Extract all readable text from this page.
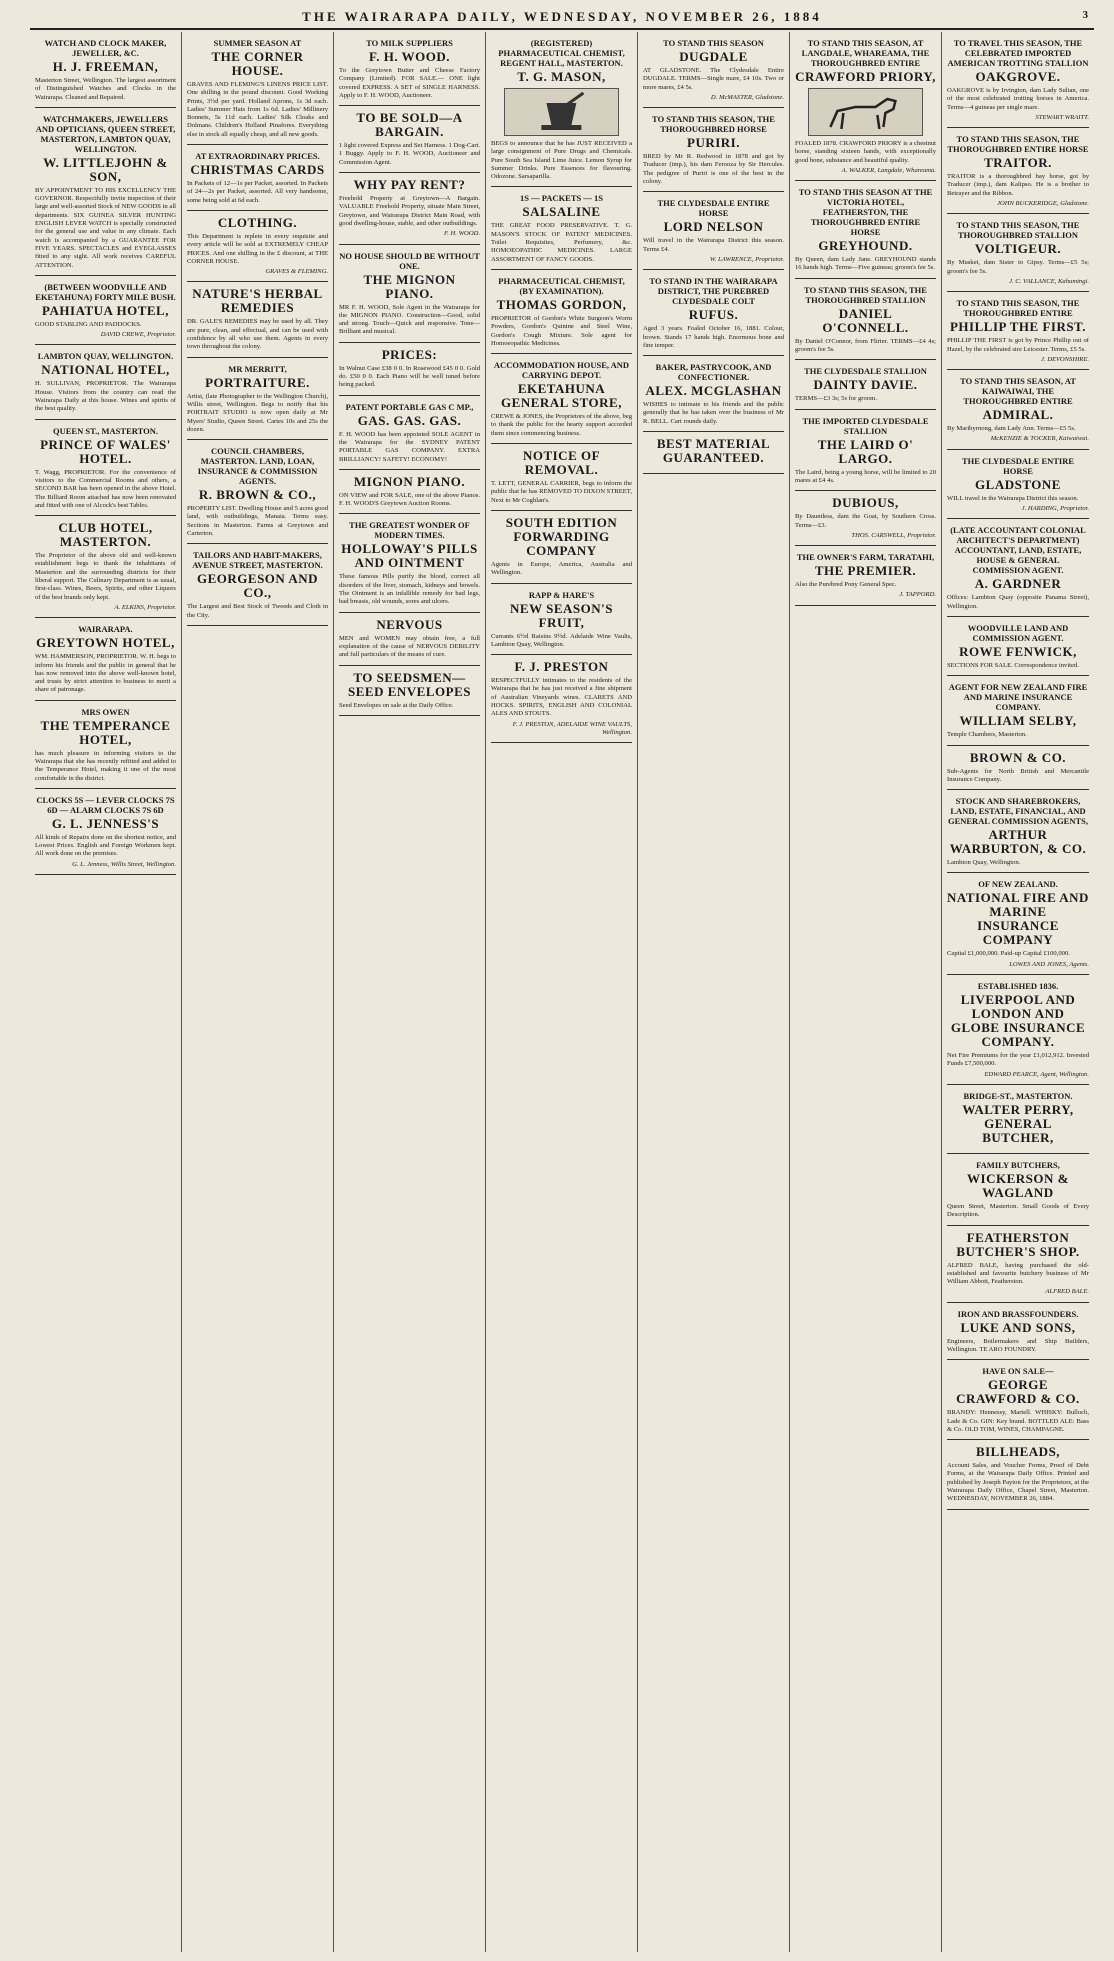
THE WAIRARAPA DAILY, WEDNESDAY, NOVEMBER 26, 1884	3
WATCH AND CLOCK MAKER, JEWELLER, &C.
H. J. FREEMAN,

Masterton Street, Wellington. The largest assortment of Distinguished Watches and Clocks in the Wairarapa. Cleaned and Repaired.

WATCHMAKERS, JEWELLERS AND OPTICIANS, QUEEN STREET, MASTERTON, LAMBTON QUAY, WELLINGTON.
W. LITTLEJOHN & SON,

BY APPOINTMENT TO HIS EXCELLENCY THE GOVERNOR. Respectfully invite inspection of their large and well-assorted Stock of NEW GOODS in all departments. SIX GUINEA SILVER HUNTING ENGLISH LEVER WATCH is specially constructed for the general use and value in any climate. Each watch is accompanied by a GUARANTEE FOR FIVE YEARS. SPECTACLES and EYEGLASSES fitted to any sight. All work receives CAREFUL ATTENTION.

(BETWEEN WOODVILLE AND EKETAHUNA) FORTY MILE BUSH.
PAHIATUA HOTEL,

GOOD STABLING AND PADDOCKS.

DAVID CREWE, Proprietor.
LAMBTON QUAY, WELLINGTON.
NATIONAL HOTEL,

H. SULLIVAN, PROPRIETOR. The Wairarapa House. Visitors from the country can read the Wairarapa Daily at this house. Wines and spirits of the best quality.

QUEEN ST., MASTERTON.
PRINCE OF WALES' HOTEL.

T. Wagg, PROPRIETOR. For the convenience of visitors to the Commercial Rooms and others, a SECOND BAR has been opened in the above Hotel. The Billiard Room attached has now been renovated and fitted with one of Alcock's best Tables.

CLUB HOTEL, MASTERTON.

The Proprietor of the above old and well-known establishment begs to thank the inhabitants of Masterton and the surrounding districts for their liberal support. The Culinary Department is as usual, first-class. Wines, Beers, Spirits, and other Liquors of the best brands only kept.

A. ELKINS, Proprietor.
WAIRARAPA.
GREYTOWN HOTEL,

WM. HAMMERSON, PROPRIETOR. W. H. begs to inform his friends and the public in general that he has now removed into the above well-known hotel, and trusts by strict attention to business to merit a share of patronage.

MRS OWEN
THE TEMPERANCE HOTEL,

has much pleasure in informing visitors to the Wairarapa that she has recently refitted and added to the Temperance Hotel, making it one of the most comfortable in the district.

CLOCKS 5S — LEVER CLOCKS 7S 6D — ALARM CLOCKS 7S 6D
G. L. JENNESS'S

All kinds of Repairs done on the shortest notice, and Lowest Prices. English and Foreign Workmen kept. All work done on the premises.

G. L. Jenness, Willis Street, Wellington.
SUMMER SEASON AT
THE CORNER HOUSE.

GRAVES AND FLEMING'S LINENS PRICE LIST. One shilling in the pound discount. Good Working Prints, 3½d per yard. Holland Aprons, 1s 3d each. Ladies' Summer Hats from 1s 6d. Ladies' Millinery Bonnets, 5s 11d each. Ladies' Silk Cloaks and Dolmans. Children's Holland Pinafores. Everything else in stock all equally cheap, and all new goods.

AT EXTRAORDINARY PRICES.
CHRISTMAS CARDS

In Packets of 12—1s per Packet, assorted. In Packets of 24—2s per Packet, assorted. All very handsome, some being sold at 6d each.

CLOTHING.

This Department is replete in every requisite and every article will be sold at EXTREMELY CHEAP PRICES. And one shilling in the £ discount, at THE CORNER HOUSE.

GRAVES & FLEMING.
NATURE'S HERBAL REMEDIES

DR. GALE'S REMEDIES may be used by all. They are pure, clean, and effectual, and can be used with confidence by all who use them. Agents in every town throughout the colony.

MR MERRITT,
PORTRAITURE.

Artist, (late Photographer to the Wellington Church), Willis street, Wellington. Begs to notify that his PORTRAIT STUDIO is now open daily at Mr Myers' Studio, Queen Street. Cartes 10s and 25s the dozen.

COUNCIL CHAMBERS, MASTERTON. LAND, LOAN, INSURANCE & COMMISSION AGENTS.
R. BROWN & CO.,

PROPERTY LIST. Dwelling House and 5 acres good land, with outbuildings, Manaia. Terms easy. Sections in Masterton. Farms at Greytown and Carterton.

TAILORS AND HABIT-MAKERS, AVENUE STREET, MASTERTON.
GEORGESON AND CO.,

The Largest and Best Stock of Tweeds and Cloth in the City.

TO MILK SUPPLIERS
F. H. WOOD.

To the Greytown Butter and Cheese Factory Company (Limited). FOR SALE.— ONE light covered EXPRESS. A SET of SINGLE HARNESS. Apply to F. H. WOOD, Auctioneer.

TO BE SOLD—A BARGAIN.

1 light covered Express and Set Harness. 1 Dog-Cart. 1 Buggy. Apply to F. H. WOOD, Auctioneer and Commission Agent.

WHY PAY RENT?

Freehold Property at Greytown—A Bargain. VALUABLE Freehold Property, situate Main Street, Greytown, and Wairarapa District Main Road, with good dwelling-house, stable, and other outbuildings.

F. H. WOOD.
NO HOUSE SHOULD BE WITHOUT ONE.
THE MIGNON PIANO.

MR F. H. WOOD, Sole Agent in the Wairarapa for the MIGNON PIANO. Construction—Good, solid and strong. Touch—Quick and responsive. Tone—Brilliant and musical.

PRICES:

In Walnut Case £38 0 0. In Rosewood £45 0 0. Gold do. £50 0 0. Each Piano will be well tuned before being packed.

PATENT PORTABLE GAS C MP.,
GAS. GAS. GAS.

F. H. WOOD has been appointed SOLE AGENT in the Wairarapa for the SYDNEY PATENT PORTABLE GAS COMPANY. EXTRA BRILLIANCY! SAFETY! ECONOMY!

MIGNON PIANO.

ON VIEW and FOR SALE, one of the above Pianos. F. H. WOOD'S Greytown Auction Rooms.

THE GREATEST WONDER OF MODERN TIMES.
HOLLOWAY'S PILLS AND OINTMENT

These famous Pills purify the blood, correct all disorders of the liver, stomach, kidneys and bowels. The Ointment is an infallible remedy for bad legs, bad breasts, old wounds, sores and ulcers.

NERVOUS

MEN and WOMEN may obtain free, a full explanation of the cause of NERVOUS DEBILITY and full particulars of the means of cure.

TO SEEDSMEN—SEED ENVELOPES

Seed Envelopes on sale at the Daily Office.

(REGISTERED) PHARMACEUTICAL CHEMIST, REGENT HALL, MASTERTON.
T. G. MASON,

BEGS to announce that he has JUST RECEIVED a large consignment of Pure Drugs and Chemicals. Pure South Sea Island Lime Juice. Lemon Syrup for Summer Drinks. Pure Essences for flavouring. Odozone. Sarsaparilla.

1S — PACKETS — 1S
SALSALINE

THE GREAT FOOD PRESERVATIVE. T. G. MASON'S STOCK OF PATENT MEDICINES. Toilet Requisites, Perfumery, &c. HOMOEOPATHIC MEDICINES. LARGE ASSORTMENT OF FANCY GOODS.

PHARMACEUTICAL CHEMIST, (BY EXAMINATION).
THOMAS GORDON,

PROPRIETOR of Gordon's White Surgeon's Worm Powders, Gordon's Quinine and Steel Wine, Gordon's Cough Mixture. Sole agent for Homoeopathic Medicines.

ACCOMMODATION HOUSE, AND CARRYING DEPOT.
EKETAHUNA GENERAL STORE,

CREWE & JONES, the Proprietors of the above, beg to thank the public for the hearty support accorded them since commencing business.

NOTICE OF REMOVAL.

T. LETT, GENERAL CARRIER, begs to inform the public that he has REMOVED TO DIXON STREET, Next to Mr Coghlan's.

SOUTH EDITION FORWARDING COMPANY

Agents in Europe, America, Australia and Wellington.

RAPP & HARE'S
NEW SEASON'S FRUIT,

Currants 6½d Raisins 9½d. Adelaide Wine Vaults, Lambton Quay, Wellington.

F. J. PRESTON

RESPECTFULLY intimates to the residents of the Wairarapa that he has just received a fine shipment of Australian Vineyards wines. CLARETS AND HOCKS. SPIRITS, ENGLISH AND COLONIAL ALES AND STOUTS.

F. J. PRESTON, ADELAIDE WINE VAULTS, Wellington.
TO STAND THIS SEASON
DUGDALE

AT GLADSTONE. The Clydesdale Entire DUGDALE. TERMS—Single mare, £4 10s. Two or more mares, £4 5s.

D. McMASTER, Gladstone.
TO STAND THIS SEASON, THE THOROUGHBRED HORSE
PURIRI.

BRED by Mr R. Redwood in 1878 and got by Traducer (imp.), his dam Ferooza by Sir Hercules. The pedigree of Puriri is one of the best in the colony.

THE CLYDESDALE ENTIRE HORSE
LORD NELSON

Will travel in the Wairarapa District this season. Terms £4.

W. LAWRENCE, Proprietor.
TO STAND IN THE WAIRARAPA DISTRICT, THE PUREBRED CLYDESDALE COLT
RUFUS.

Aged 3 years. Foaled October 16, 1881. Colour, brown. Stands 17 hands high. Enormous bone and fine temper.

BAKER, PASTRYCOOK, AND CONFECTIONER.
ALEX. MCGLASHAN

WISHES to intimate to his friends and the public generally that he has taken over the business of Mr R. BELL. Cart rounds daily.

BEST MATERIAL GUARANTEED.
TO STAND THIS SEASON, AT LANGDALE, WHAREAMA, THE THOROUGHBRED ENTIRE
CRAWFORD PRIORY,

FOALED 1878. CRAWFORD PRIORY is a chestnut horse, standing sixteen hands, with exceptionally good bone, substance and beautiful quality.

A. WALKER, Langdale, Whareama.
TO STAND THIS SEASON AT THE VICTORIA HOTEL, FEATHERSTON, THE THOROUGHBRED ENTIRE HORSE
GREYHOUND.

By Queen, dam Lady Jane. GREYHOUND stands 16 hands high. Terms—Five guineas; groom's fee 5s.

TO STAND THIS SEASON, THE THOROUGHBRED STALLION
DANIEL O'CONNELL.

By Daniel O'Connor, from Flirter. TERMS—£4 4s; groom's fee 5s.

THE CLYDESDALE STALLION
DAINTY DAVIE.

TERMS—£3 3s; 5s for groom.

THE IMPORTED CLYDESDALE STALLION
THE LAIRD O' LARGO.

The Laird, being a young horse, will be limited to 20 mares at £4 4s.

DUBIOUS,

By Dauntless, dam the Goat, by Southern Cross. Terms—£3.

THOS. CARSWELL, Proprietor.
THE OWNER'S FARM, TARATAHI,
THE PREMIER.

Also the Purebred Pony General Spec.

J. TAPPORD.
TO TRAVEL THIS SEASON, THE CELEBRATED IMPORTED AMERICAN TROTTING STALLION
OAKGROVE.

OAKGROVE is by Irvington, dam Lady Sultan, one of the most celebrated trotting horses in America. Terms—4 guineas per single mare.

STEWART WRAITT.
TO STAND THIS SEASON, THE THOROUGHBRED ENTIRE HORSE
TRAITOR.

TRAITOR is a thoroughbred bay horse, got by Traducer (imp.), dam Kalipso. He is a brother to Betrayer and the Ribbon.

JOHN BUCKERIDGE, Gladstone.
TO STAND THIS SEASON, THE THOROUGHBRED STALLION
VOLTIGEUR.

By Musket, dam Sister to Gipsy. Terms—£5 5s; groom's fee 5s.

J. C. VALLANCE, Kahumingi.
TO STAND THIS SEASON, THE THOROUGHBRED ENTIRE
PHILLIP THE FIRST.

PHILLIP THE FIRST is got by Prince Phillip out of Hazel, by the celebrated sire Leicester. Terms, £5 5s.

J. DEVONSHIRE.
TO STAND THIS SEASON, AT KAIWAIWAI, THE THOROUGHBRED ENTIRE
ADMIRAL.

By Maribyrnong, dam Lady Ann. Terms—£5 5s.

McKENZIE & TOCKER, Kaiwaiwai.
THE CLYDESDALE ENTIRE HORSE
GLADSTONE

WILL travel in the Wairarapa District this season.

J. HARDING, Proprietor.
(LATE ACCOUNTANT COLONIAL ARCHITECT'S DEPARTMENT) ACCOUNTANT, LAND, ESTATE, HOUSE & GENERAL COMMISSION AGENT.
A. GARDNER

Offices: Lambton Quay (opposite Panama Street), Wellington.

WOODVILLE LAND AND COMMISSION AGENT.
ROWE FENWICK,

SECTIONS FOR SALE. Correspondence invited.

AGENT FOR NEW ZEALAND FIRE AND MARINE INSURANCE COMPANY.
WILLIAM SELBY,

Temple Chambers, Masterton.

BROWN & CO.

Sub-Agents for North British and Mercantile Insurance Company.

STOCK AND SHAREBROKERS, LAND, ESTATE, FINANCIAL, AND GENERAL COMMISSION AGENTS,
ARTHUR WARBURTON, & CO.

Lambton Quay, Wellington.

OF NEW ZEALAND.
NATIONAL FIRE AND MARINE INSURANCE COMPANY

Capital £1,000,000. Paid-up Capital £100,000.

LOWES AND JONES, Agents.
ESTABLISHED 1836.
LIVERPOOL AND LONDON AND GLOBE INSURANCE COMPANY.

Net Fire Premiums for the year £1,012,912. Invested Funds £7,500,000.

EDWARD PEARCE, Agent, Wellington.
BRIDGE-ST., MASTERTON.
WALTER PERRY, GENERAL BUTCHER,
FAMILY BUTCHERS,
WICKERSON & WAGLAND

Queen Street, Masterton. Small Goods of Every Description.

FEATHERSTON BUTCHER'S SHOP.

ALFRED BALE, having purchased the old-established and favourite butchery business of Mr William Abbott, Featherston.

ALFRED BALE.
IRON AND BRASSFOUNDERS.
LUKE AND SONS,

Engineers, Boilermakers and Ship Builders, Wellington. TE ARO FOUNDRY.

HAVE ON SALE—
GEORGE CRAWFORD & CO.

BRANDY: Hennessy, Martell. WHISKY: Bulloch, Lade & Co. GIN: Key brand. BOTTLED ALE: Bass & Co. OLD TOM, WINES, CHAMPAGNE.

BILLHEADS,

Account Sales, and Voucher Forms, Proof of Debt Forms, at the Wairarapa Daily Office. Printed and published by Joseph Payton for the Proprietors, at the Wairarapa Daily Office, Chapel Street, Masterton. WEDNESDAY, NOVEMBER 26, 1884.
